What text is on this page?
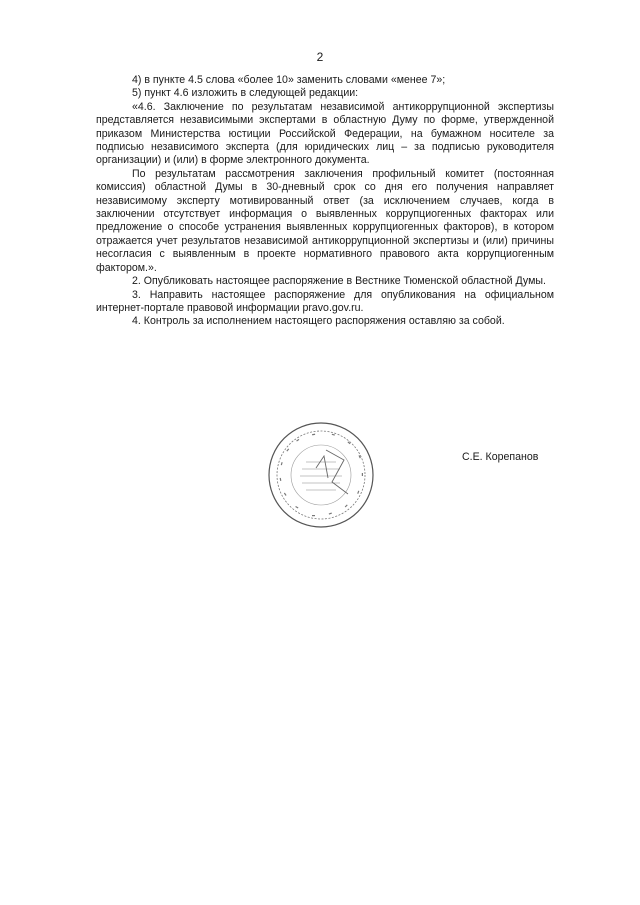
2

4) в пункте 4.5 слова «более 10» заменить словами «менее 7»;

5) пункт 4.6 изложить в следующей редакции:

«4.6. Заключение по результатам независимой антикоррупционной экспертизы представляется независимыми экспертами в областную Думу по форме, утвержденной приказом Министерства юстиции Российской Федерации, на бумажном носителе за подписью независимого эксперта (для юридических лиц – за подписью руководителя организации) и (или) в форме электронного документа.

По результатам рассмотрения заключения профильный комитет (постоянная комиссия) областной Думы в 30-дневный срок со дня его получения направляет независимому эксперту мотивированный ответ (за исключением случаев, когда в заключении отсутствует информация о выявленных коррупциогенных факторах или предложение о способе устранения выявленных коррупциогенных факторов), в котором отражается учет результатов независимой антикоррупционной экспертизы и (или) причины несогласия с выявленным в проекте нормативного правового акта коррупциогенным фактором.».

2. Опубликовать настоящее распоряжение в Вестнике Тюменской областной Думы.

3. Направить настоящее распоряжение для опубликования на официальном интернет-портале правовой информации pravo.gov.ru.

4. Контроль за исполнением настоящего распоряжения оставляю за собой.

С.Е. Корепанов
